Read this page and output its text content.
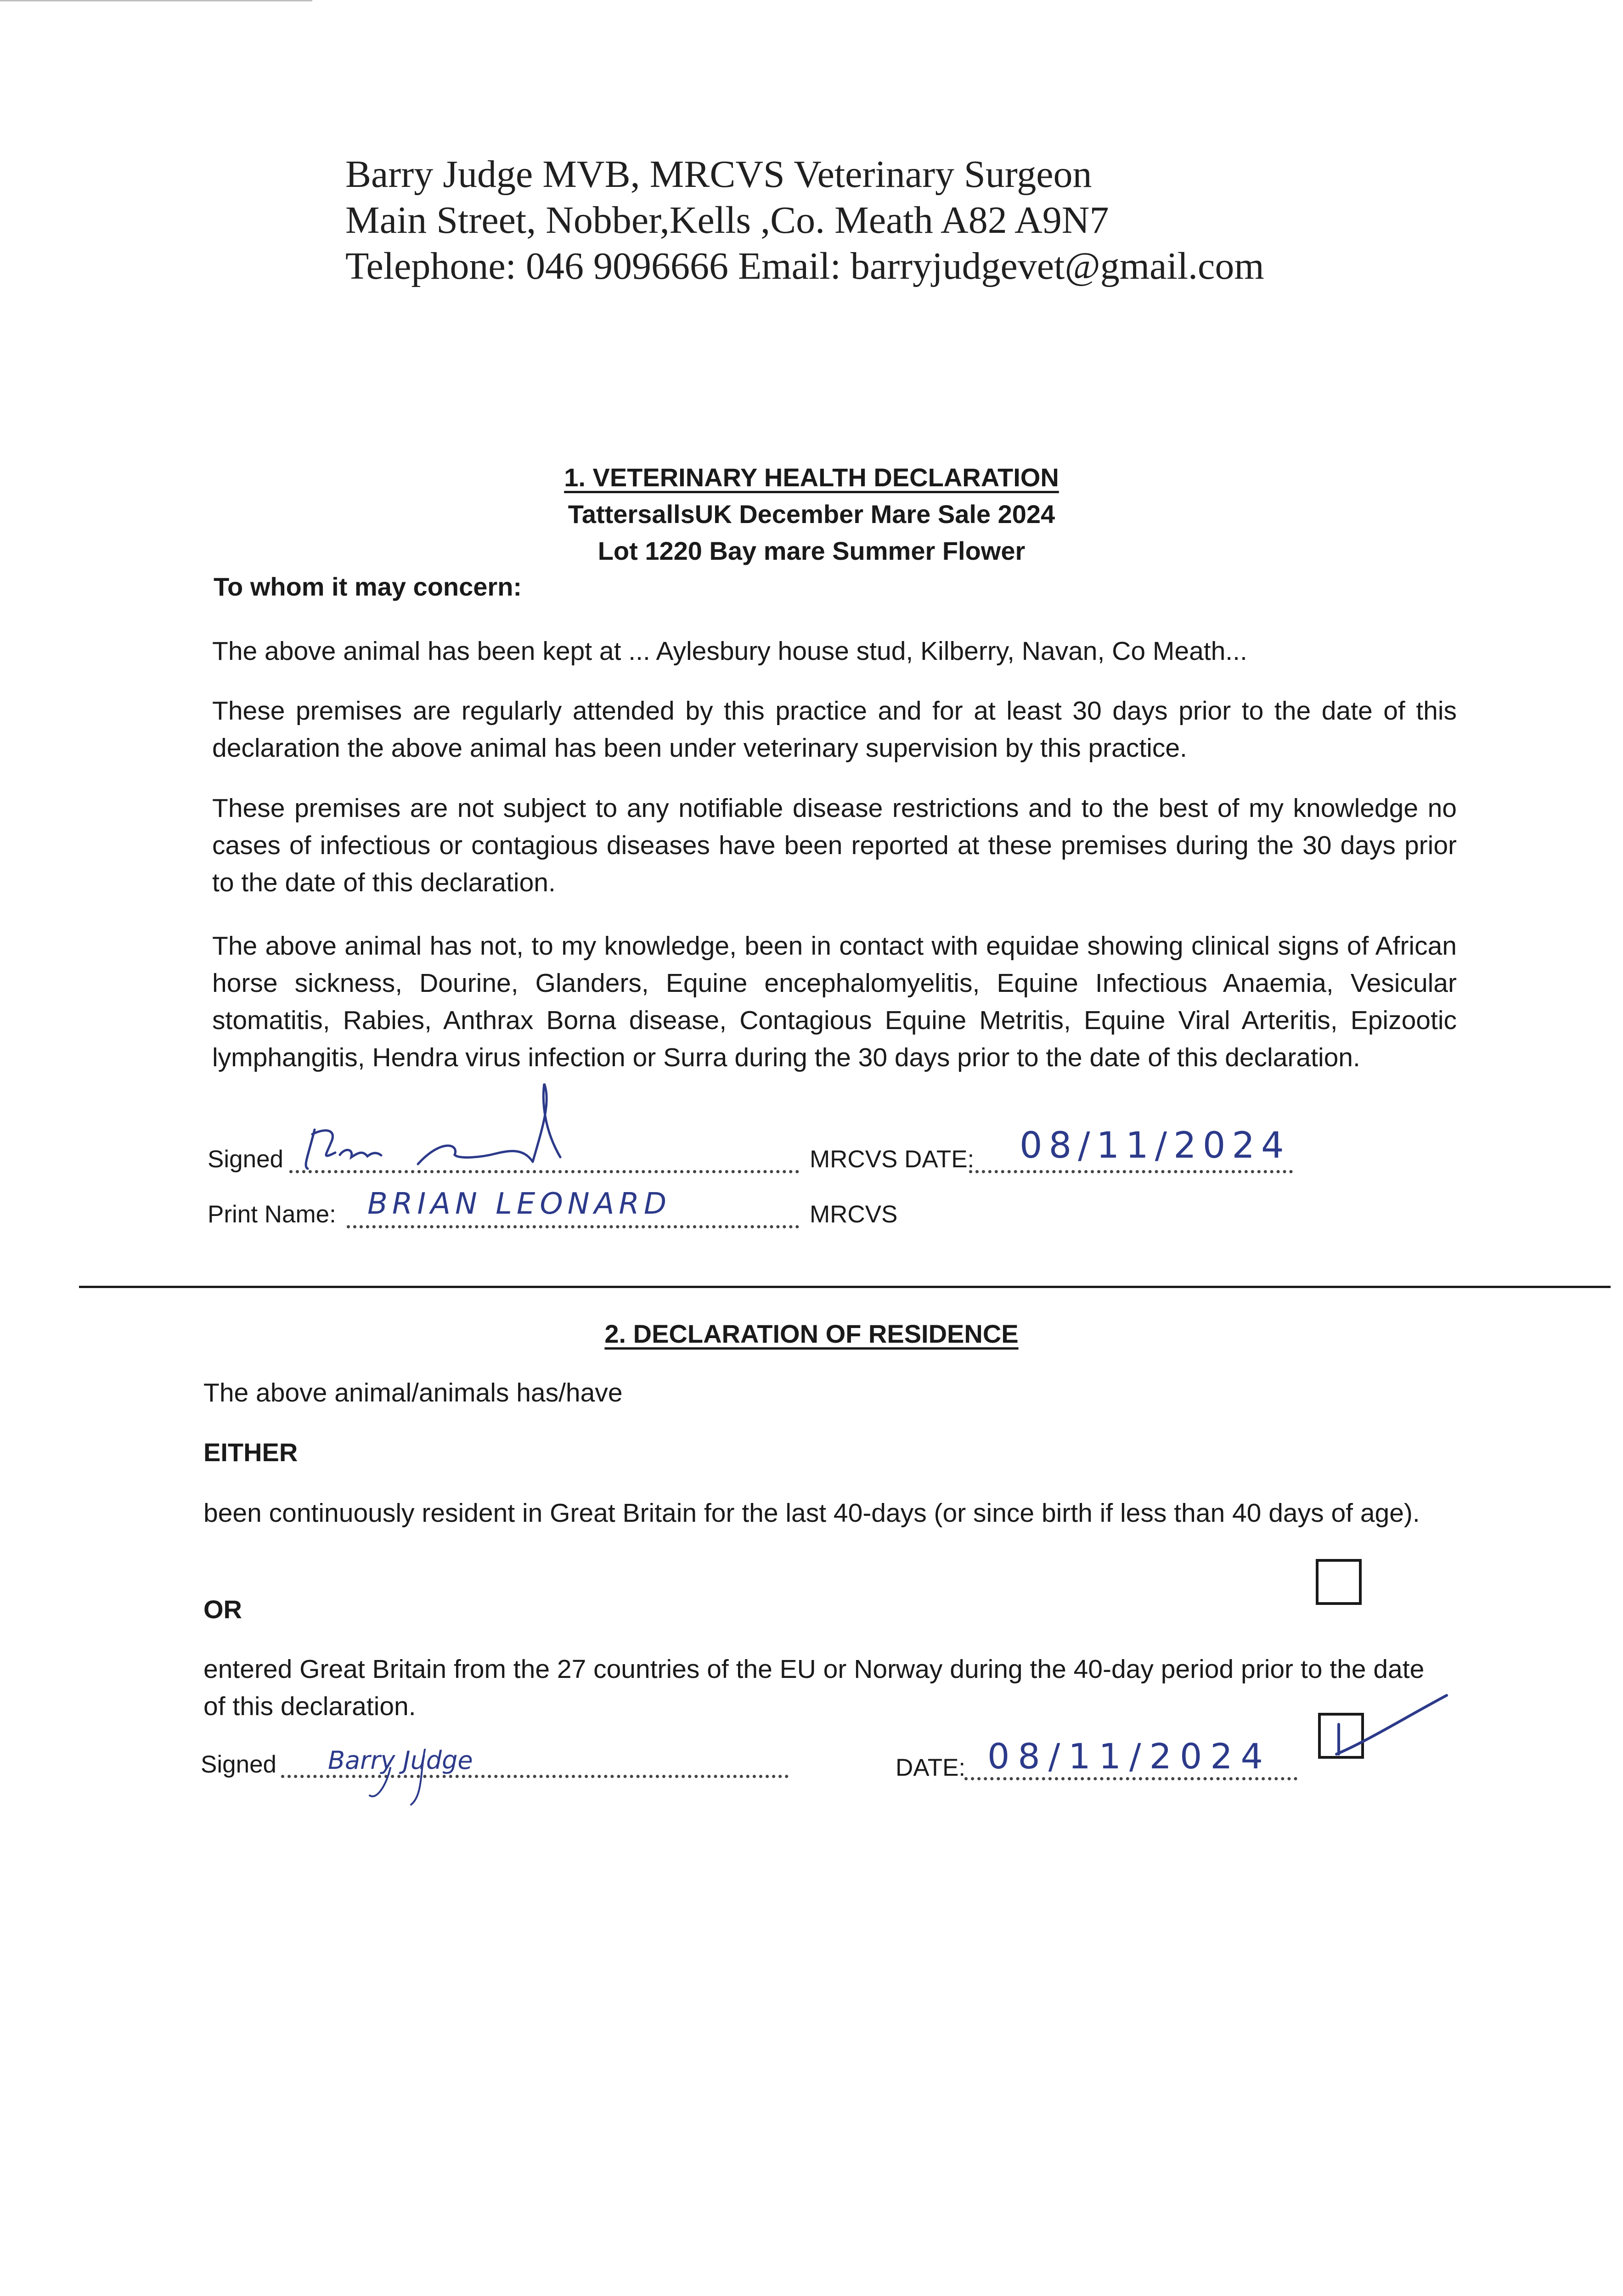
Barry Judge MVB, MRCVS Veterinary Surgeon
Main Street, Nobber,Kells ,Co. Meath A82 A9N7
Telephone: 046 9096666 Email: barryjudgevet@gmail.com
1. VETERINARY HEALTH DECLARATION
TattersallsUK December Mare Sale 2024
Lot 1220 Bay mare Summer Flower
To whom it may concern:
The above animal has been kept at ... Aylesbury house stud, Kilberry, Navan, Co Meath...
These premises are regularly attended by this practice and for at least 30 days prior to the date of this declaration the above animal has been under veterinary supervision by this practice.
These premises are not subject to any notifiable disease restrictions and to the best of my knowledge no cases of infectious or contagious diseases have been reported at these premises during the 30 days prior to the date of this declaration.
The above animal has not, to my knowledge, been in contact with equidae showing clinical signs of African horse sickness, Dourine, Glanders, Equine encephalomyelitis, Equine Infectious Anaemia, Vesicular stomatitis, Rabies, Anthrax Borna disease, Contagious Equine Metritis, Equine Viral Arteritis, Epizootic lymphangitis, Hendra virus infection or Surra during the 30 days prior to the date of this declaration.
Signed	MRCVS DATE: 08/11/2024
Print Name: BRIAN LEONARD	MRCVS
2. DECLARATION OF RESIDENCE
The above animal/animals has/have
EITHER
been continuously resident in Great Britain for the last 40-days (or since birth if less than 40 days of age).
OR
entered Great Britain from the 27 countries of the EU or Norway during the 40-day period prior to the date of this declaration.
Signed Barry Judge	DATE: 08/11/2024
